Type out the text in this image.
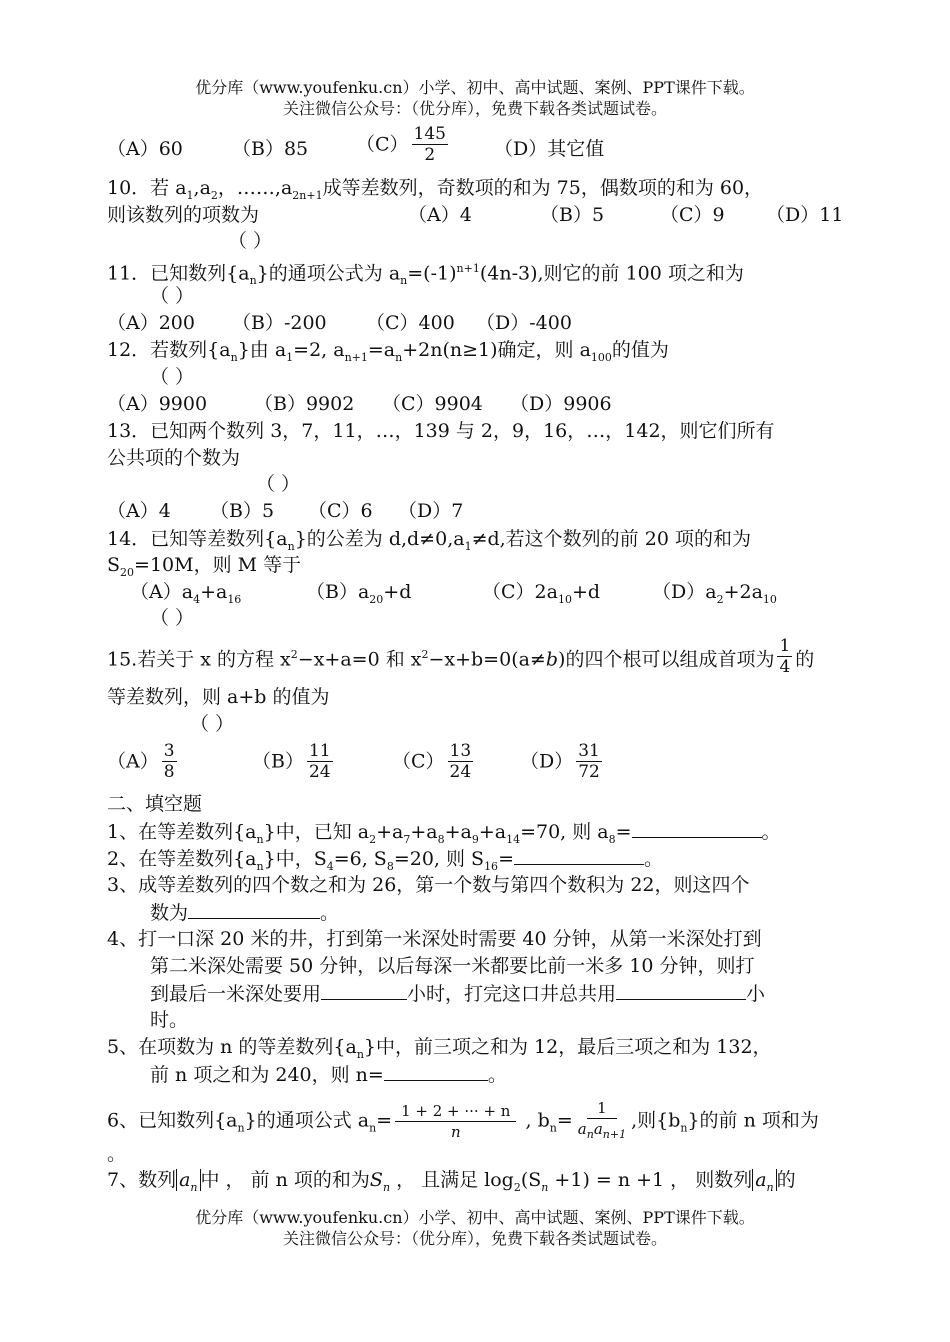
优分库（www.youfenku.cn）小学、初中、高中试题、案例、PPT课件下载。
关注微信公众号：（优分库），免费下载各类试题试卷。
（A）60	（B）85	$(C) \frac{145}{2} (D)$其它值
10．若 $a_1,a_2$，$\dots\dots,a_{2n+1}$成等差数列，奇数项的和为 75，偶数项的和为 60，
则该数列的项数为	（A）4	（B）5	（C）9 （D）11
（ ）
11．已知数列$\{a_n\}$的通项公式为 $a_n=(-1)^{n+1}(4n-3)$,则它的前 100 项之和为
（ ）
（A）200 （B）-200 （C）400 （D）-400
12．若数列$\{a_n\}$由 $a_1=2$, $a_{n+1}=a_n+2n(n\ge 1)$确定，则 $a_{100}$的值为
（ ）
（A）9900 （B）9902 （C）9904 （D）9906
13．已知两个数列 3，7，11，…，139 与 2，9，16，…，142，则它们所有
公共项的个数为
（ ）
（A）4 （B）5 （C）6 （D）7
14．已知等差数列$\{a_n\}$的公差为 $d,d\ne 0,a_1\ne d$,若这个数列的前 20 项的和为
$S_{20}=10M$，则 M 等于
$(A)a_4+a_{16}$	$(B)a_{20}+d$	$(C)2a_{10}+d$	$(D)a_2+2a_{10}$
（ ）
15.若关于 x 的方程 $x^2-x+a=0$ 和 $x^2-x+b=0(a\ne b)$的四个根可以组成首项为 $\frac{1}{4}$ 的
等差数列，则 a+b 的值为
（ ）
$(A) \frac{3}{8}$	$(B) \frac{11}{24}$	$(C) \frac{13}{24} (D) \frac{31}{72}$
二、填空题
1、在等差数列$\{a_n\}$中，已知 $a_2+a_7+a_8+a_9+a_{14}=70$, 则 $a_8=$	。
2、在等差数列$\{a_n\}$中，$S_4=6$, $S_8=20$, 则 $S_{16}=$	。
3、成等差数列的四个数之和为 26，第一个数与第四个数积为 22，则这四个
数为	。
4、打一口深 20 米的井，打到第一米深处时需要 40 分钟，从第一米深处打到
第二米深处需要 50 分钟，以后每深一米都要比前一米多 10 分钟，则打
到最后一米深处要用	小时，打完这口井总共用	小
时。
5、在项数为 n 的等差数列$\{a_n\}$中，前三项之和为 12，最后三项之和为 132，
前 n 项之和为 240，则 n=	。
6、已知数列$\{a_n\}$的通项公式 $a_n= \frac{1 + 2 + \cdot\cdot\cdot + n}{n}$ , $b_n= \frac{1}{a_na_{n+1}}$ ,则$\{b_n\}$的前 n 项和为
。
7、数列 $a_n$ 中 ， 前 n 项的和为$S_n$ ， 且满足 $\log_2(S_n +1) = n +1$ ， 则数列 $a_n$ 的
优分库（www.youfenku.cn）小学、初中、高中试题、案例、PPT课件下载。
关注微信公众号：（优分库），免费下载各类试题试卷。
